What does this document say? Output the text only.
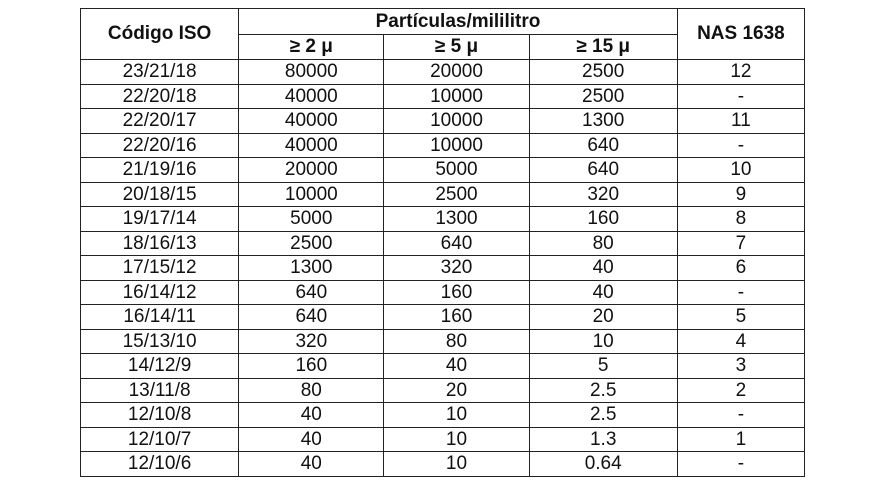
Código ISO	Partículas/mililitro			NAS 1638
	≥ 2 μ	≥ 5 μ	≥ 15 μ	
23/21/18	80000	20000	2500	12
22/20/18	40000	10000	2500	-
22/20/17	40000	10000	1300	11
22/20/16	40000	10000	640	-
21/19/16	20000	5000	640	10
20/18/15	10000	2500	320	9
19/17/14	5000	1300	160	8
18/16/13	2500	640	80	7
17/15/12	1300	320	40	6
16/14/12	640	160	40	-
16/14/11	640	160	20	5
15/13/10	320	80	10	4
14/12/9	160	40	5	3
13/11/8	80	20	2.5	2
12/10/8	40	10	2.5	-
12/10/7	40	10	1.3	1
12/10/6	40	10	0.64	-
